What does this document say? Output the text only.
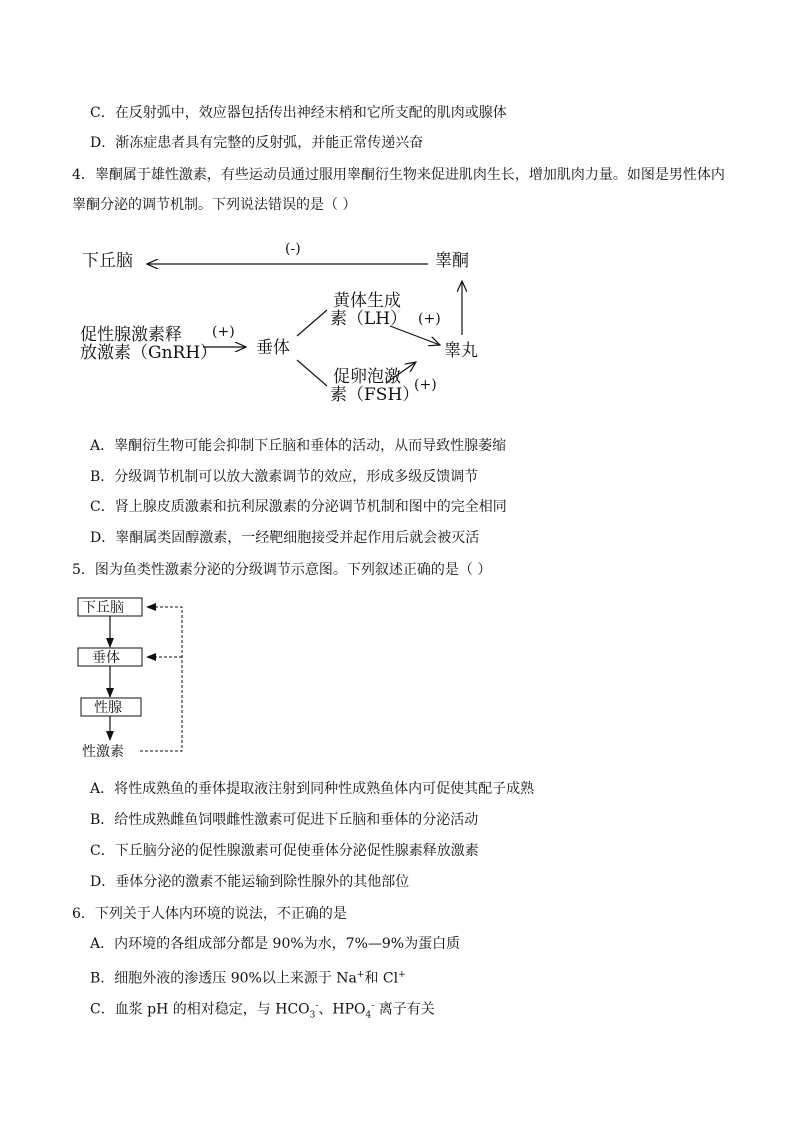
C．在反射弧中，效应器包括传出神经末梢和它所支配的肌肉或腺体
D．渐冻症患者具有完整的反射弧，并能正常传递兴奋
4．睾酮属于雄性激素，有些运动员通过服用睾酮衍生物来促进肌肉生长，增加肌肉力量。如图是男性体内
睾酮分泌的调节机制。下列说法错误的是（ ）
下丘脑	睾酮
(-)
促性腺激素释
放激素（GnRH）
(+)
垂体
黄体生成
素（LH） (+)
促卵泡激
素（FSH）
(+)
睾丸
下丘脑
垂体
性腺
性激素
A．睾酮衍生物可能会抑制下丘脑和垂体的活动，从而导致性腺萎缩
B．分级调节机制可以放大激素调节的效应，形成多级反馈调节
C．肾上腺皮质激素和抗利尿激素的分泌调节机制和图中的完全相同
D．睾酮属类固醇激素，一经靶细胞接受并起作用后就会被灭活
5．图为鱼类性激素分泌的分级调节示意图。下列叙述正确的是（ ）
A．将性成熟鱼的垂体提取液注射到同种性成熟鱼体内可促使其配子成熟
B．给性成熟雌鱼饲喂雌性激素可促进下丘脑和垂体的分泌活动
C．下丘脑分泌的促性腺激素可促使垂体分泌促性腺素释放激素
D．垂体分泌的激素不能运输到除性腺外的其他部位
6．下列关于人体内环境的说法，不正确的是
A．内环境的各组成部分都是 90%为水，7%—9%为蛋白质
B．细胞外液的渗透压 90%以上来源于 Na+和 Cl+
C．血浆 pH 的相对稳定，与 $HCO_3^-$、$HPO_4^-$ 离子有关
